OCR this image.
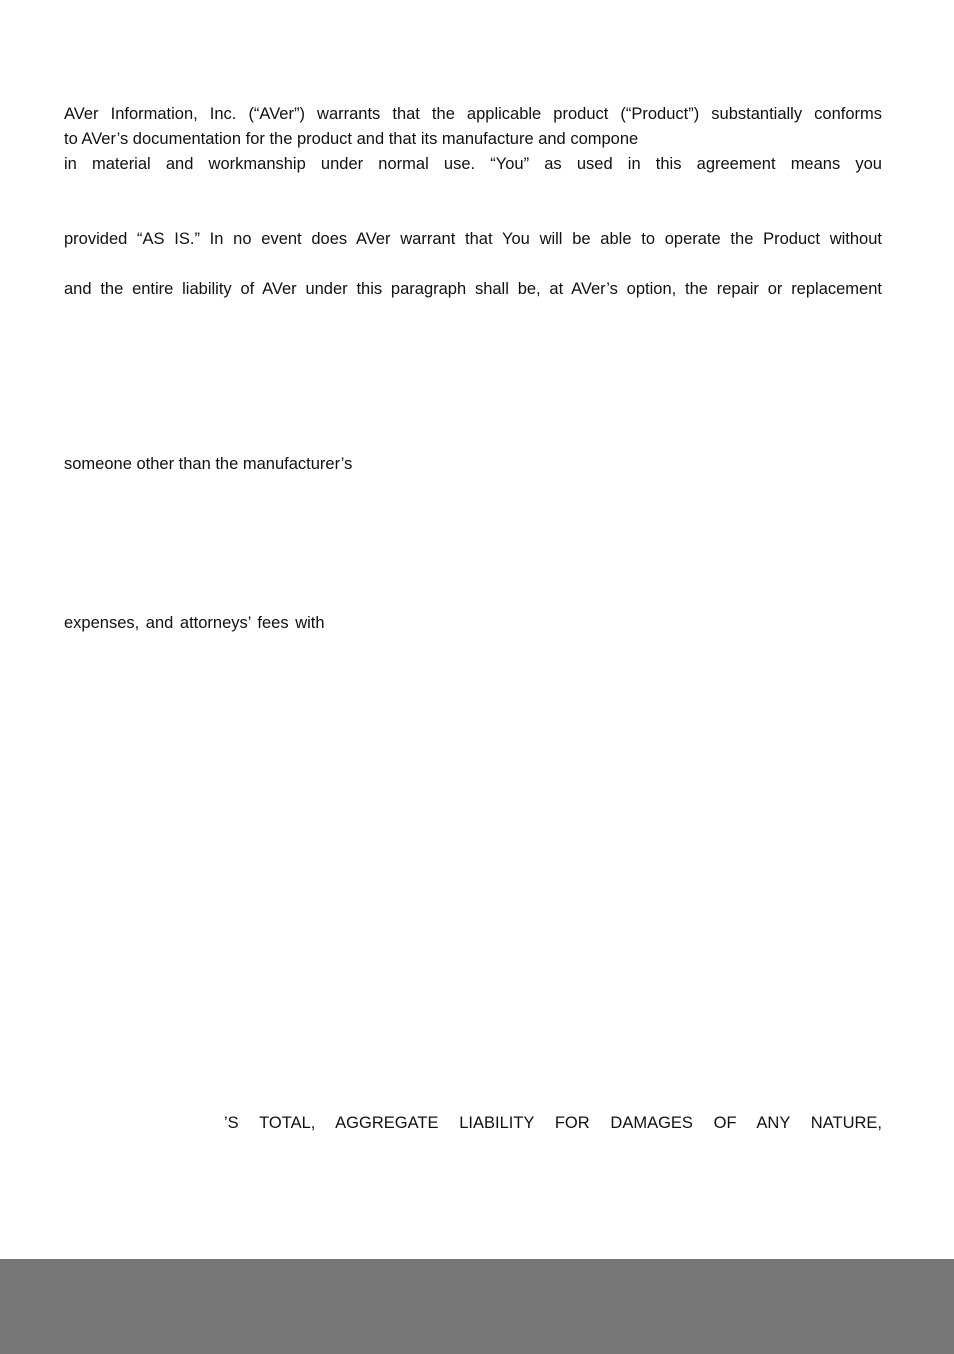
AVer Information, Inc. (“AVer”) warrants that the applicable product (“Product”) substantially conforms

to AVer’s documentation for the product and that its manufacture and compone

in material and workmanship under normal use. “You” as used in this agreement means you

provided “AS IS.” In no event does AVer warrant that You will be able to operate the Product without

and the entire liability of AVer under this paragraph shall be, at AVer’s option, the repair or replacement

someone other than the manufacturer’s

expenses, and attorneys’ fees with

’S TOTAL, AGGREGATE LIABILITY FOR DAMAGES OF ANY NATURE,
